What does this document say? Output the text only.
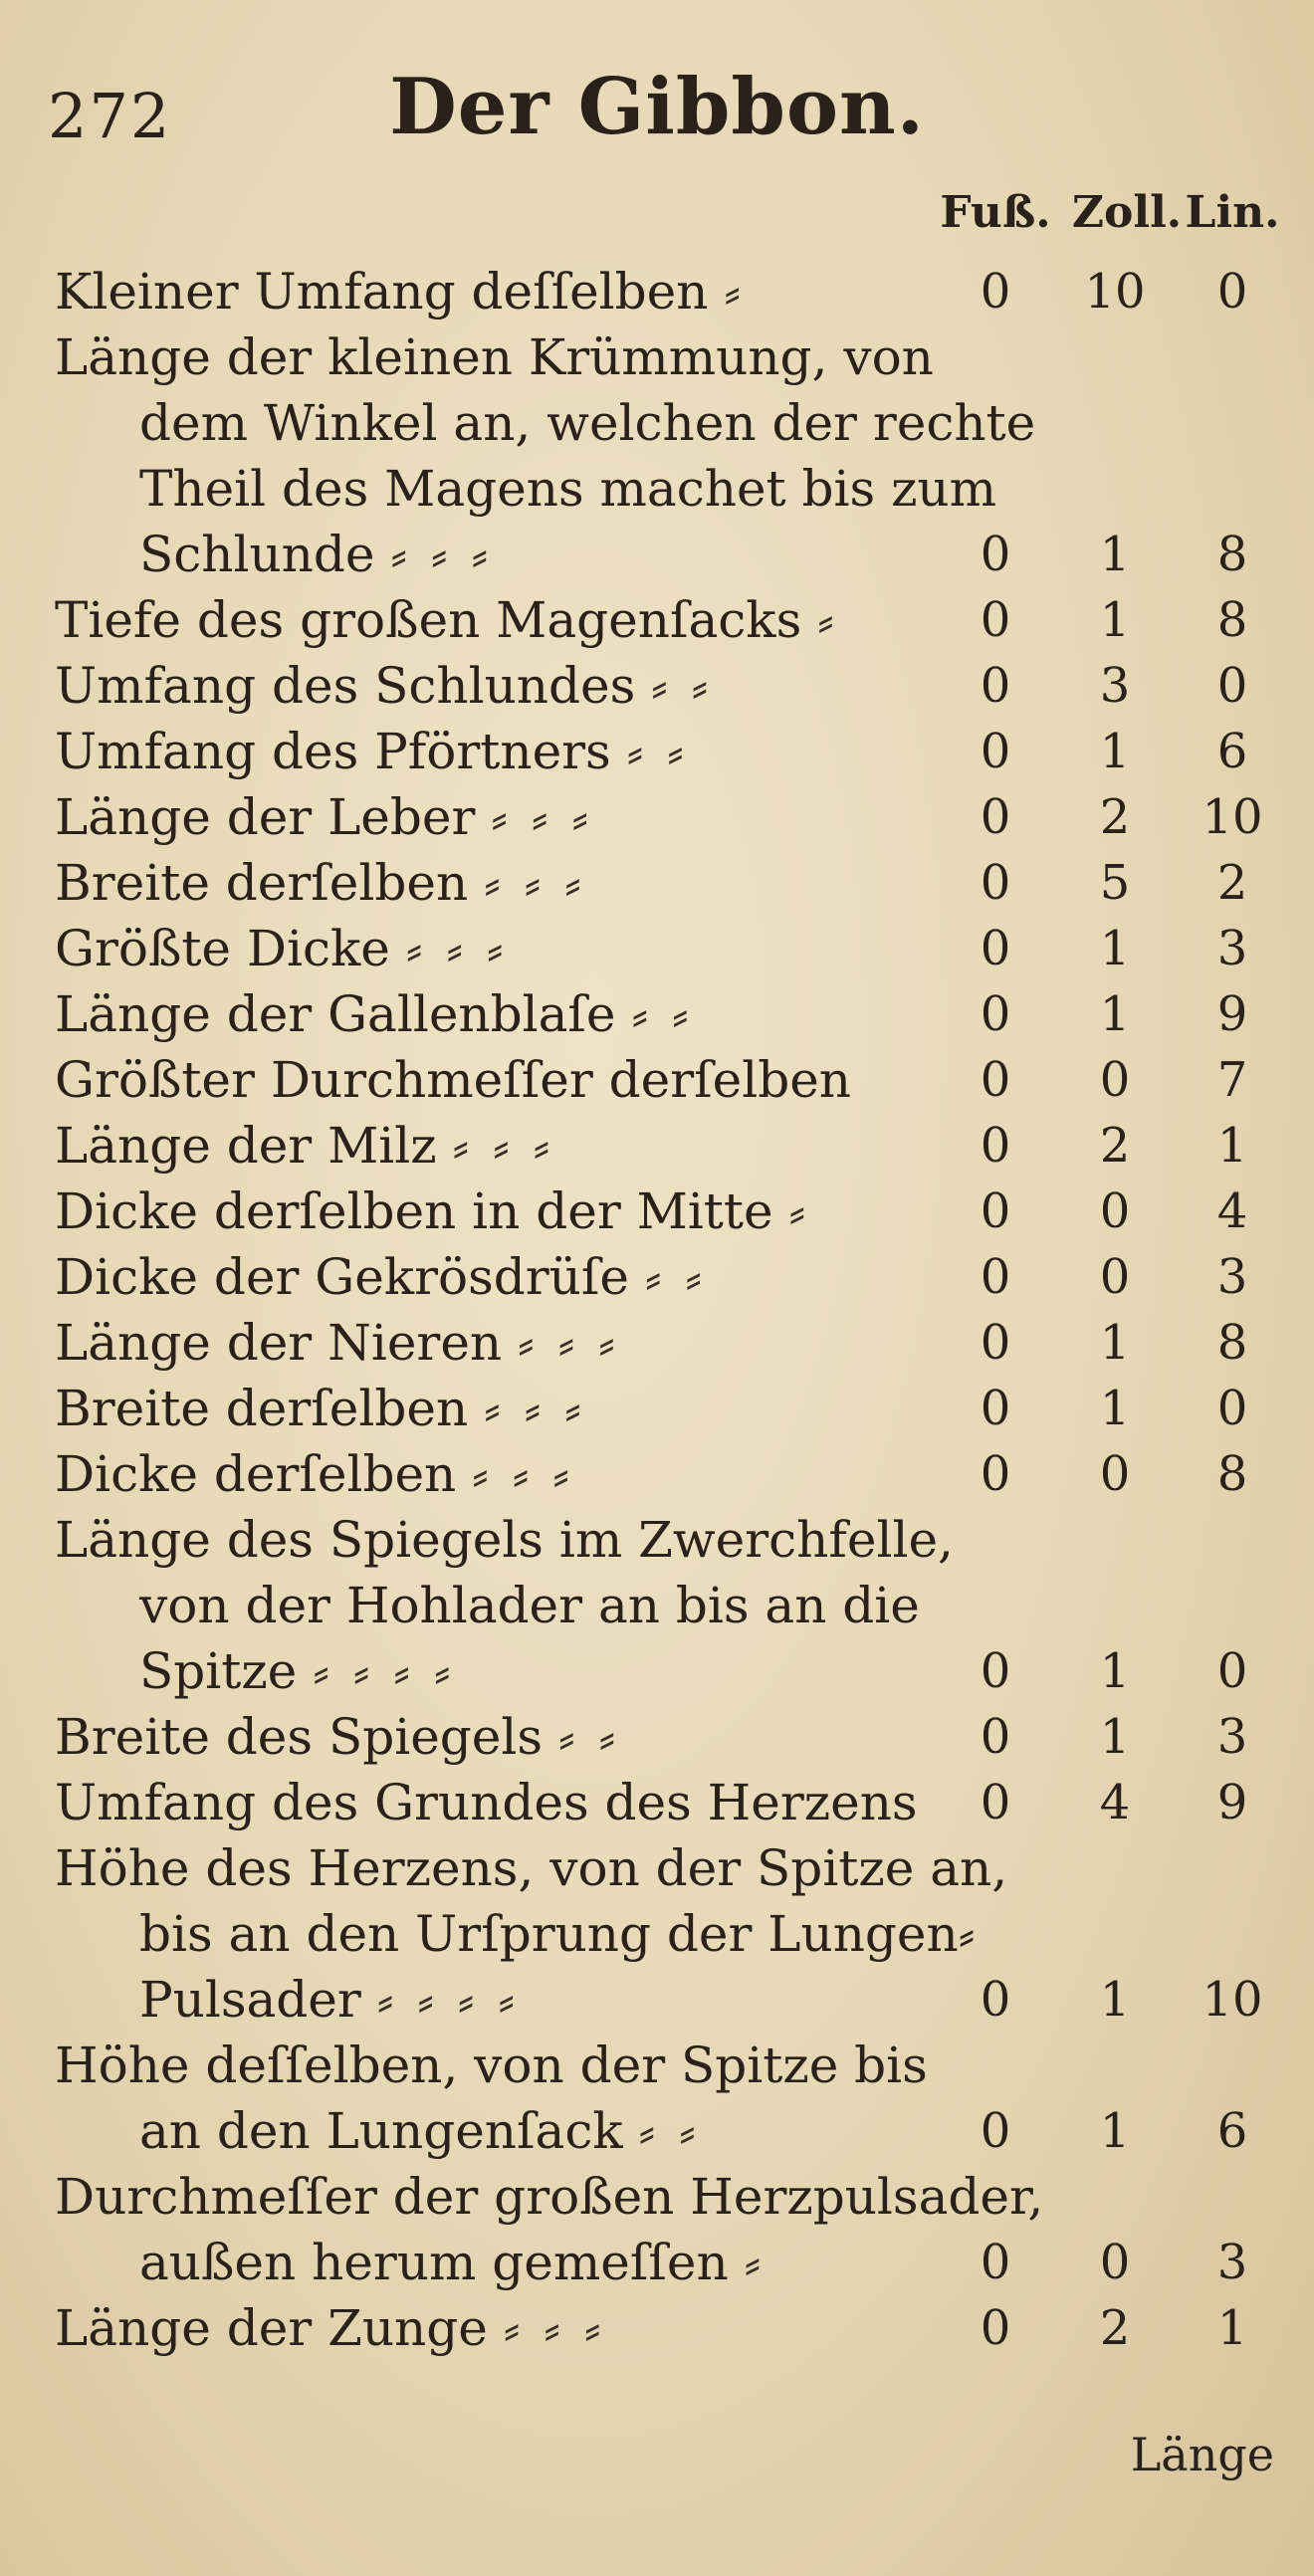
272	Der Gibbon.
Fuß. Zoll. Lin.
Kleiner Umfang deſſelben ⸗	0	10	0
Länge der kleinen Krümmung, von
dem Winkel an, welchen der rechte
Theil des Magens machet bis zum
Schlunde ⸗ ⸗ ⸗	0	1	8
Tiefe des großen Magenſacks ⸗	0	1	8
Umfang des Schlundes ⸗ ⸗	0	3	0
Umfang des Pförtners ⸗ ⸗	0	1	6
Länge der Leber ⸗ ⸗ ⸗	0	2	10
Breite derſelben ⸗ ⸗ ⸗	0	5	2
Größte Dicke ⸗ ⸗ ⸗	0	1	3
Länge der Gallenblaſe ⸗ ⸗	0	1	9
Größter Durchmeſſer derſelben	0	0	7
Länge der Milz ⸗ ⸗ ⸗	0	2	1
Dicke derſelben in der Mitte ⸗	0	0	4
Dicke der Gekrösdrüſe ⸗ ⸗	0	0	3
Länge der Nieren ⸗ ⸗ ⸗	0	1	8
Breite derſelben ⸗ ⸗ ⸗	0	1	0
Dicke derſelben ⸗ ⸗ ⸗	0	0	8
Länge des Spiegels im Zwerchfelle,
von der Hohlader an bis an die
Spitze ⸗ ⸗ ⸗ ⸗	0	1	0
Breite des Spiegels ⸗ ⸗	0	1	3
Umfang des Grundes des Herzens	0	4	9
Höhe des Herzens, von der Spitze an,
bis an den Urſprung der Lungen⸗
Pulsader ⸗ ⸗ ⸗ ⸗	0	1	10
Höhe deſſelben, von der Spitze bis
an den Lungenſack ⸗ ⸗	0	1	6
Durchmeſſer der großen Herzpulsader,
außen herum gemeſſen ⸗	0	0	3
Länge der Zunge ⸗ ⸗ ⸗	0	2	1
Länge
